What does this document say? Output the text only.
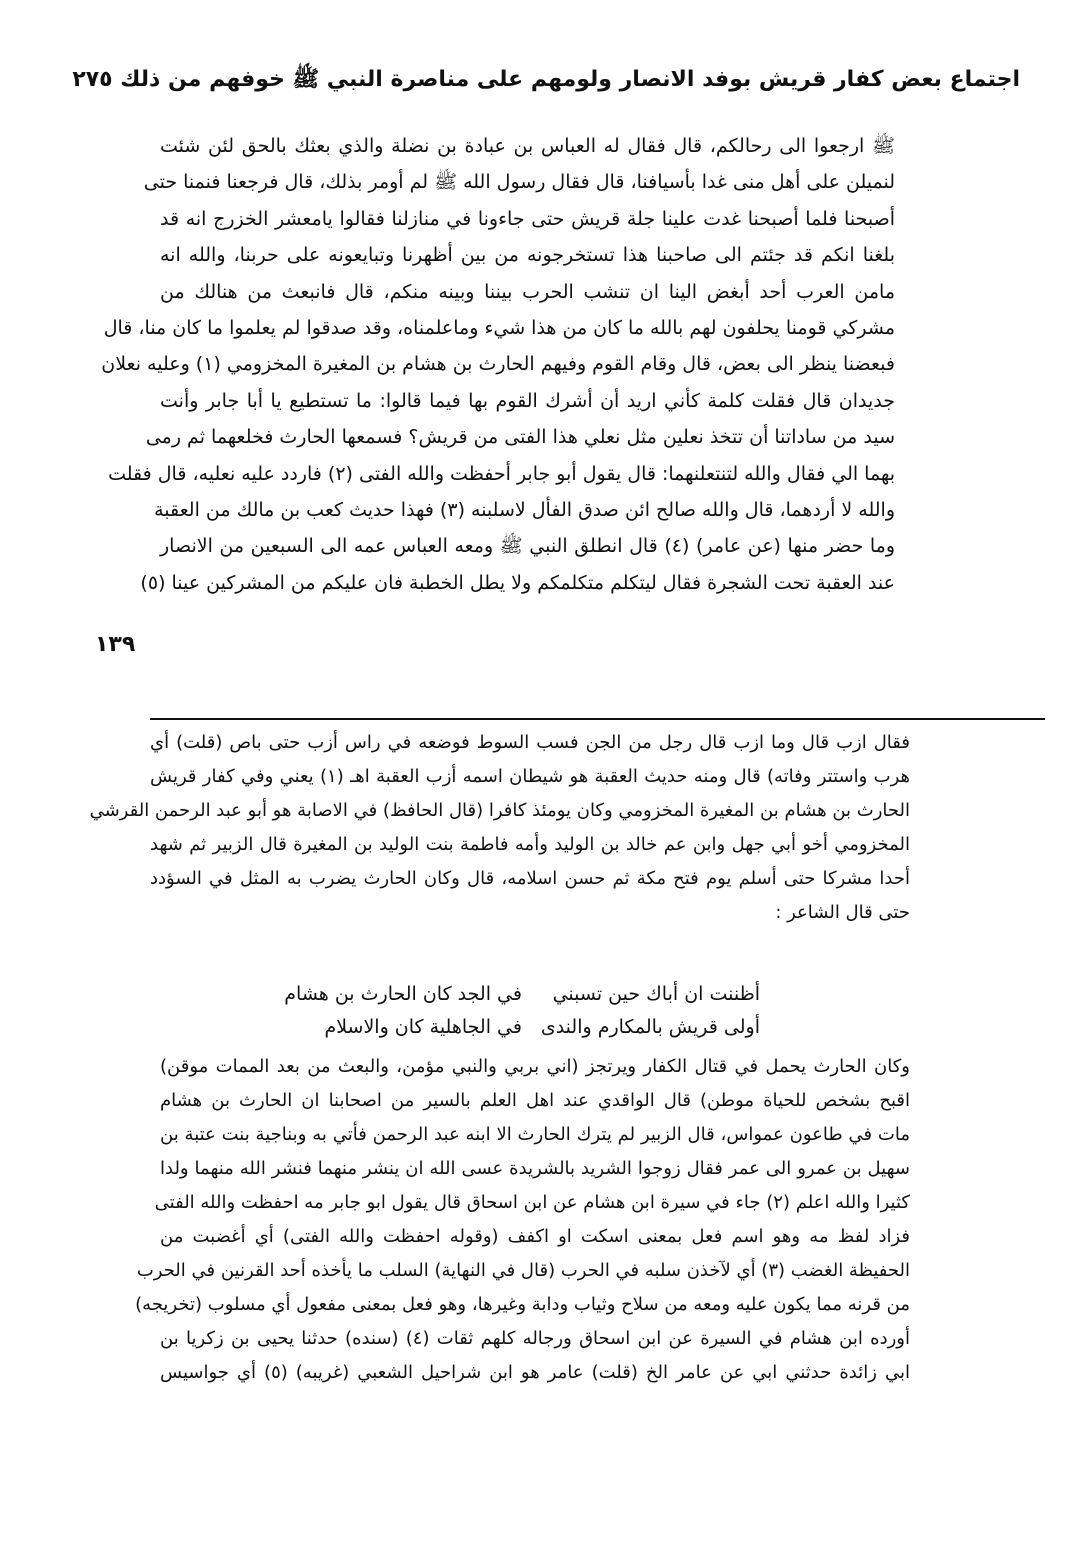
اجتماع بعض كفار قريش بوفد الانصار ولومهم على مناصرة النبي ﷺ خوفهم من ذلك ٢٧٥
ﷺ ارجعوا الى رحالكم، قال فقال له العباس بن عبادة بن نضلة والذي بعثك بالحق لئن شئت
لنميلن على أهل منى غدا بأسيافنا، قال فقال رسول الله ﷺ لم أومر بذلك، قال فرجعنا فنمنا حتى
أصبحنا فلما أصبحنا غدت علينا جلة قريش حتى جاءونا في منازلنا فقالوا يامعشر الخزرج انه قد
بلغنا انكم قد جئتم الى صاحبنا هذا تستخرجونه من بين أظهرنا وتبايعونه على حربنا، والله انه
مامن العرب أحد أبغض الينا ان تنشب الحرب بيننا وبينه منكم، قال فانبعث من هنالك من
مشركي قومنا يحلفون لهم بالله ما كان من هذا شيء وماعلمناه، وقد صدقوا لم يعلموا ما كان منا، قال
فبعضنا ينظر الى بعض، قال وقام القوم وفيهم الحارث بن هشام بن المغيرة المخزومي (١) وعليه نعلان
جديدان قال فقلت كلمة كأني اريد أن أشرك القوم بها فيما قالوا: ما تستطيع يا أبا جابر وأنت
سيد من ساداتنا أن تتخذ نعلين مثل نعلي هذا الفتى من قريش؟ فسمعها الحارث فخلعهما ثم رمى
بهما الي فقال والله لتنتعلنهما: قال يقول أبو جابر أحفظت والله الفتى (٢) فاردد عليه نعليه، قال فقلت
والله لا أردهما، قال والله صالح ائن صدق الفأل لاسلبنه (٣) فهذا حديث كعب بن مالك من العقبة
وما حضر منها (عن عامر) (٤) قال انطلق النبي ﷺ ومعه العباس عمه الى السبعين من الانصار
عند العقبة تحت الشجرة فقال ليتكلم متكلمكم ولا يطل الخطبة فان عليكم من المشركين عينا (٥)
١٣٩
فقال ازب قال وما ازب قال رجل من الجن فسب السوط فوضعه في راس أزب حتى باص (قلت) أي
هرب واستتر وفاته) قال ومنه حديث العقبة هو شيطان اسمه أزب العقبة اهـ (١) يعني وفي كفار قريش
الحارث بن هشام بن المغيرة المخزومي وكان يومئذ كافرا (قال الحافظ) في الاصابة هو أبو عبد الرحمن القرشي
المخزومي أخو أبي جهل وابن عم خالد بن الوليد وأمه فاطمة بنت الوليد بن المغيرة قال الزبير ثم شهد
أحدا مشركا حتى أسلم يوم فتح مكة ثم حسن اسلامه، قال وكان الحارث يضرب به المثل في السؤدد
حتى قال الشاعر :
أظننت ان أباك حين تسبني في الجد كان الحارث بن هشام
أولى قريش بالمكارم والندى في الجاهلية كان والاسلام
وكان الحارث يحمل في قتال الكفار ويرتجز (اني بربي والنبي مؤمن، والبعث من بعد الممات موقن)
اقبح بشخص للحياة موطن) قال الواقدي عند اهل العلم بالسير من اصحابنا ان الحارث بن هشام
مات في طاعون عمواس، قال الزبير لم يترك الحارث الا ابنه عبد الرحمن فأتي به وبناجية بنت عتبة بن
سهيل بن عمرو الى عمر فقال زوجوا الشريد بالشريدة عسى الله ان ينشر منهما فنشر الله منهما ولدا
كثيرا والله اعلم (٢) جاء في سيرة ابن هشام عن ابن اسحاق قال يقول ابو جابر مه احفظت والله الفتى
فزاد لفظ مه وهو اسم فعل بمعنى اسكت او اكفف (وقوله احفظت والله الفتى) أي أغضبت من
الحفيظة الغضب (٣) أي لآخذن سلبه في الحرب (قال في النهاية) السلب ما يأخذه أحد القرنين في الحرب
من قرنه مما يكون عليه ومعه من سلاح وثياب ودابة وغيرها، وهو فعل بمعنى مفعول أي مسلوب (تخريجه)
أورده ابن هشام في السيرة عن ابن اسحاق ورجاله كلهم ثقات (٤) (سنده) حدثنا يحيى بن زكريا بن
ابي زائدة حدثني ابي عن عامر الخ (قلت) عامر هو ابن شراحيل الشعبي (غريبه) (٥) أي جواسيس
